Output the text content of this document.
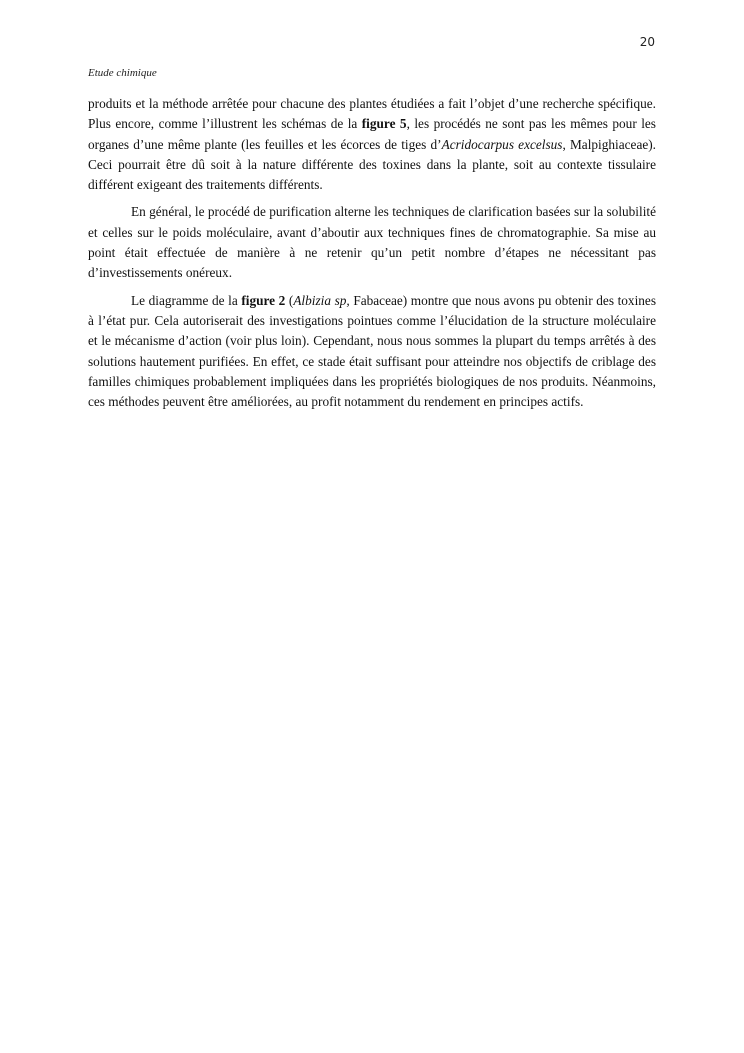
20
Etude chimique

produits et la méthode arrêtée pour chacune des plantes étudiées a fait l’objet d’une recherche spécifique. Plus encore, comme l’illustrent les schémas de la figure 5, les procédés ne sont pas les mêmes pour les organes d’une même plante (les feuilles et les écorces de tiges d’Acridocarpus excelsus, Malpighiaceae). Ceci pourrait être dû soit à la nature différente des toxines dans la plante, soit au contexte tissulaire différent exigeant des traitements différents.

En général, le procédé de purification alterne les techniques de clarification basées sur la solubilité et celles sur le poids moléculaire, avant d’aboutir aux techniques fines de chromatographie. Sa mise au point était effectuée de manière à ne retenir qu’un petit nombre d’étapes ne nécessitant pas d’investissements onéreux.

Le diagramme de la figure 2 (Albizia sp, Fabaceae) montre que nous avons pu obtenir des toxines à l’état pur. Cela autoriserait des investigations pointues comme l’élucidation de la structure moléculaire et le mécanisme d’action (voir plus loin). Cependant, nous nous sommes la plupart du temps arrêtés à des solutions hautement purifiées. En effet, ce stade était suffisant pour atteindre nos objectifs de criblage des familles chimiques probablement impliquées dans les propriétés biologiques de nos produits. Néanmoins, ces méthodes peuvent être améliorées, au profit notamment du rendement en principes actifs.
